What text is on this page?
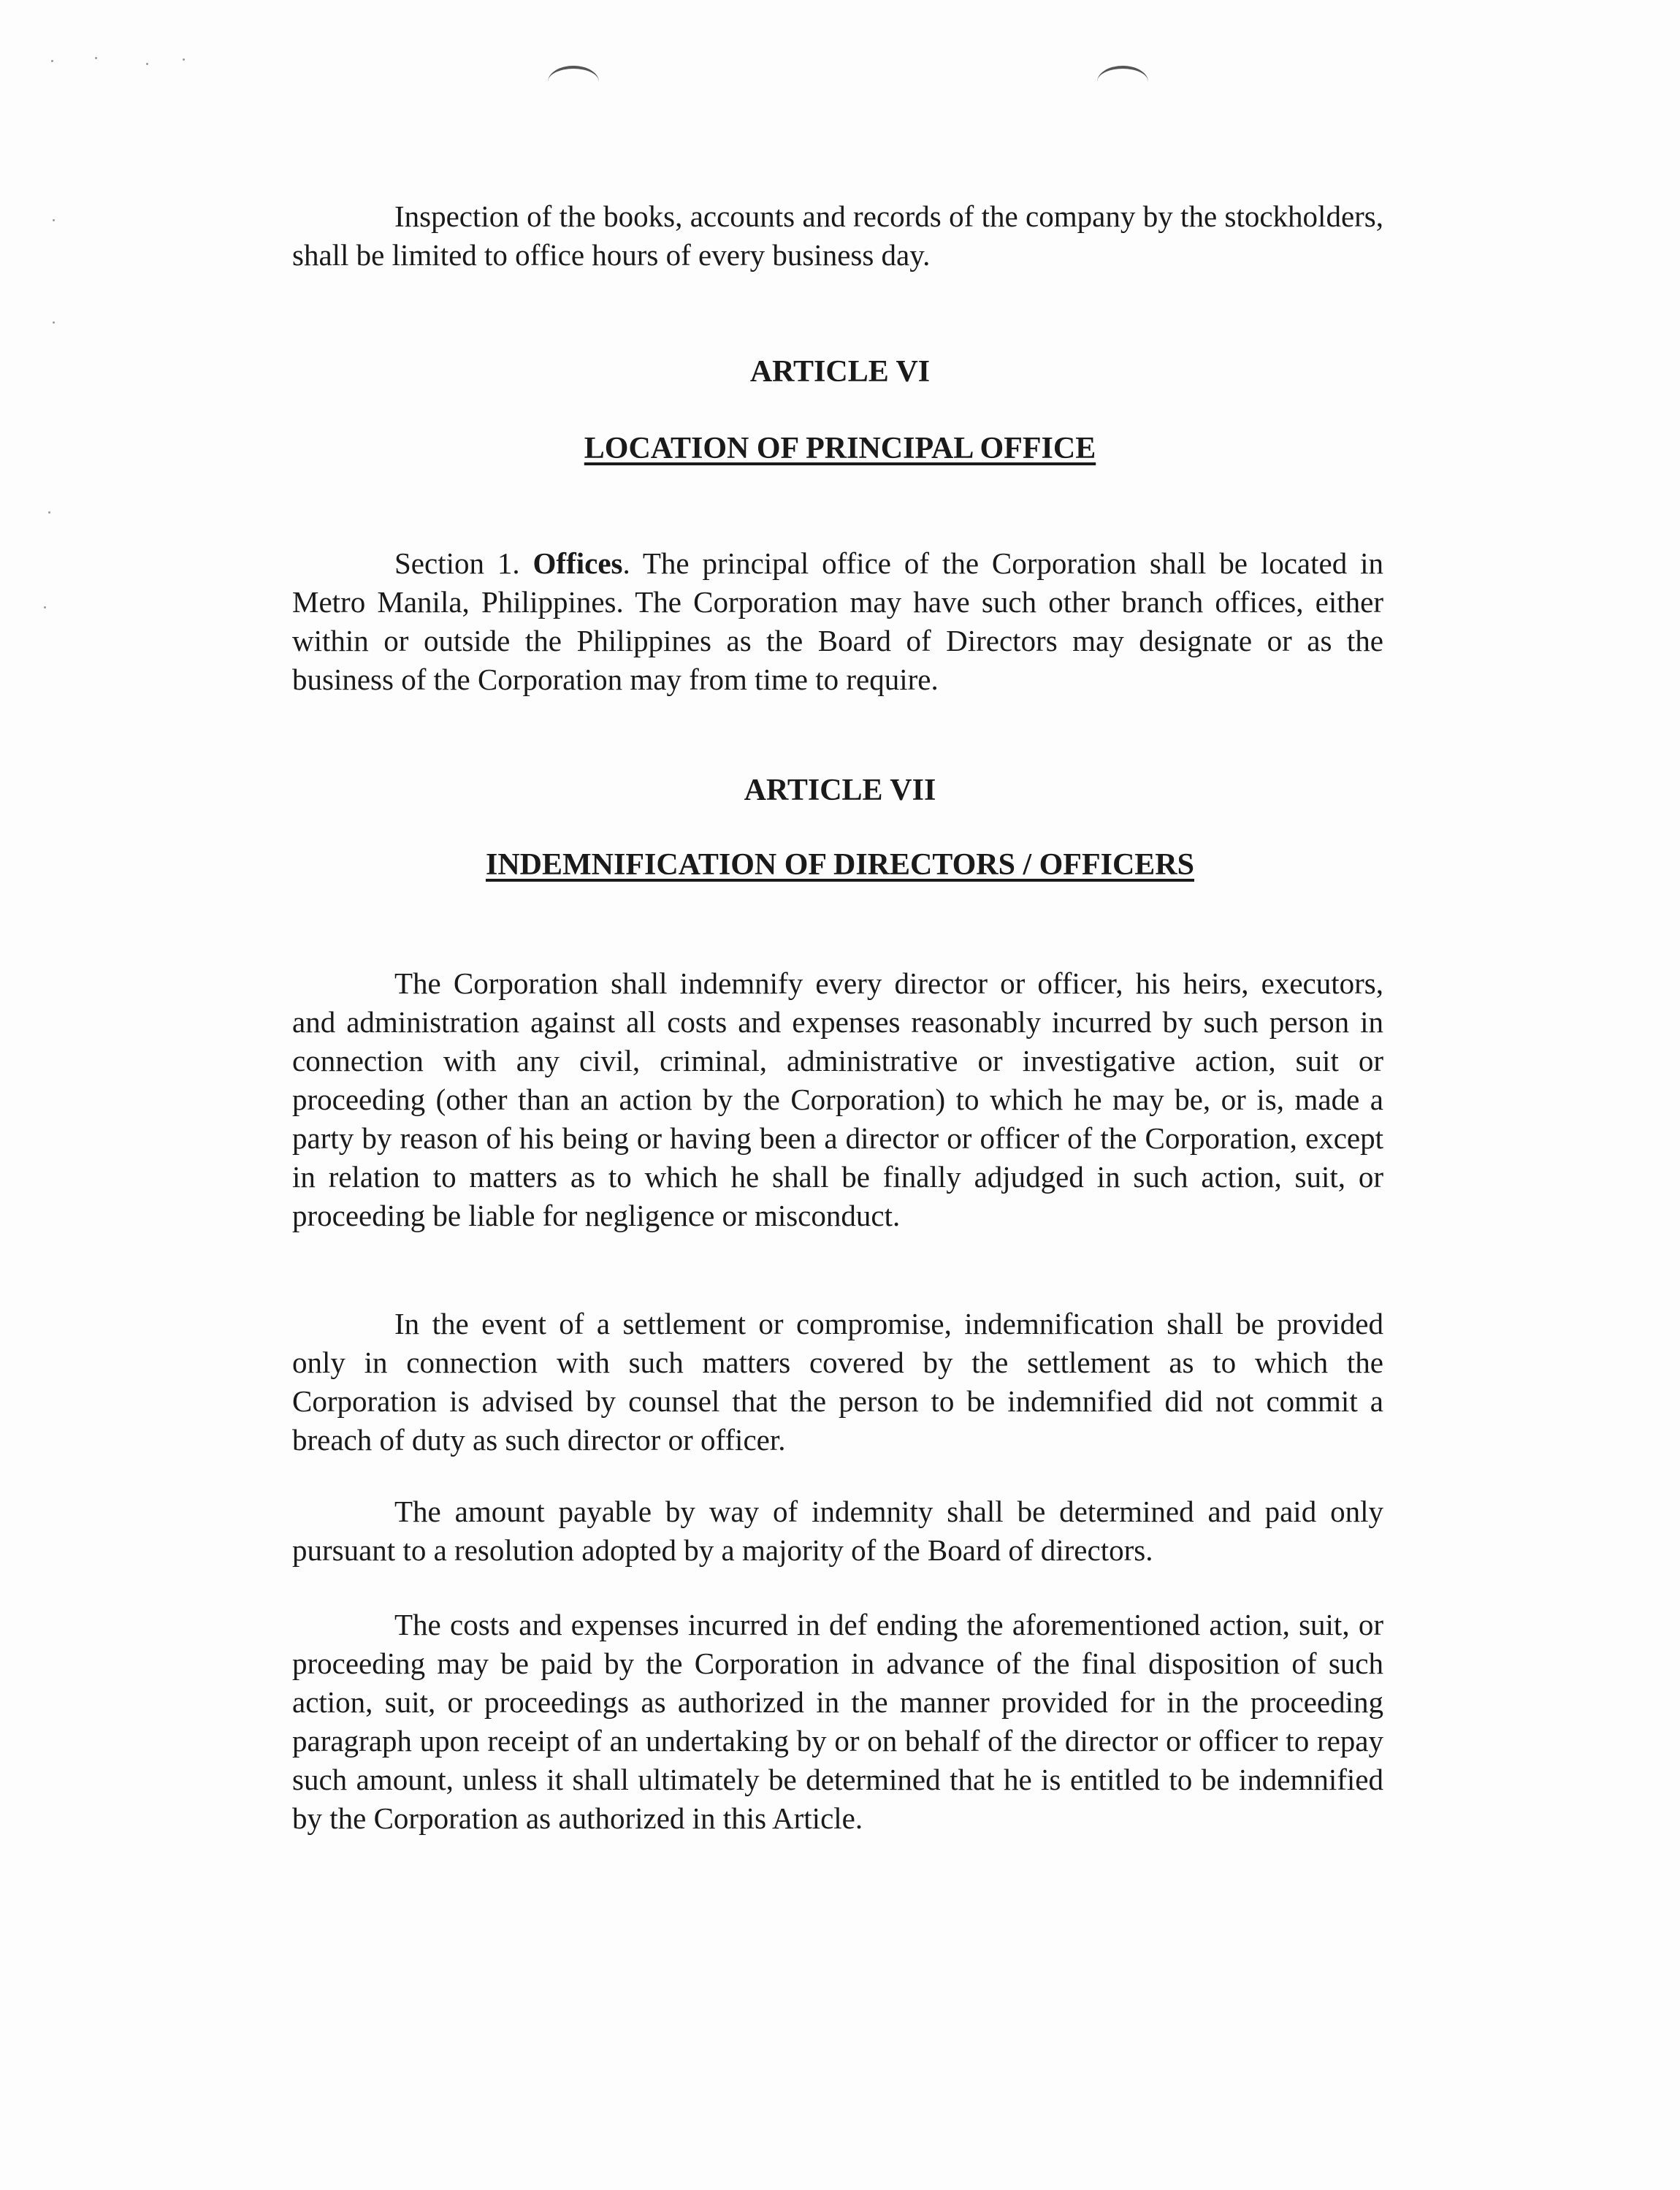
Inspection of the books, accounts and records of the company by the stockholders, shall be limited to office hours of every business day.

ARTICLE VI

LOCATION OF PRINCIPAL OFFICE

Section 1. Offices. The principal office of the Corporation shall be located in Metro Manila, Philippines. The Corporation may have such other branch offices, either within or outside the Philippines as the Board of Directors may designate or as the business of the Corporation may from time to require.

ARTICLE VII

INDEMNIFICATION OF DIRECTORS / OFFICERS

The Corporation shall indemnify every director or officer, his heirs, executors, and administration against all costs and expenses reasonably incurred by such person in connection with any civil, criminal, administrative or investigative action, suit or proceeding (other than an action by the Corporation) to which he may be, or is, made a party by reason of his being or having been a director or officer of the Corporation, except in relation to matters as to which he shall be finally adjudged in such action, suit, or proceeding be liable for negligence or misconduct.

In the event of a settlement or compromise, indemnification shall be provided only in connection with such matters covered by the settlement as to which the Corporation is advised by counsel that the person to be indemnified did not commit a breach of duty as such director or officer.

The amount payable by way of indemnity shall be determined and paid only pursuant to a resolution adopted by a majority of the Board of directors.

The costs and expenses incurred in def ending the aforementioned action, suit, or proceeding may be paid by the Corporation in advance of the final disposition of such action, suit, or proceedings as authorized in the manner provided for in the proceeding paragraph upon receipt of an undertaking by or on behalf of the director or officer to repay such amount, unless it shall ultimately be determined that he is entitled to be indemnified by the Corporation as authorized in this Article.
